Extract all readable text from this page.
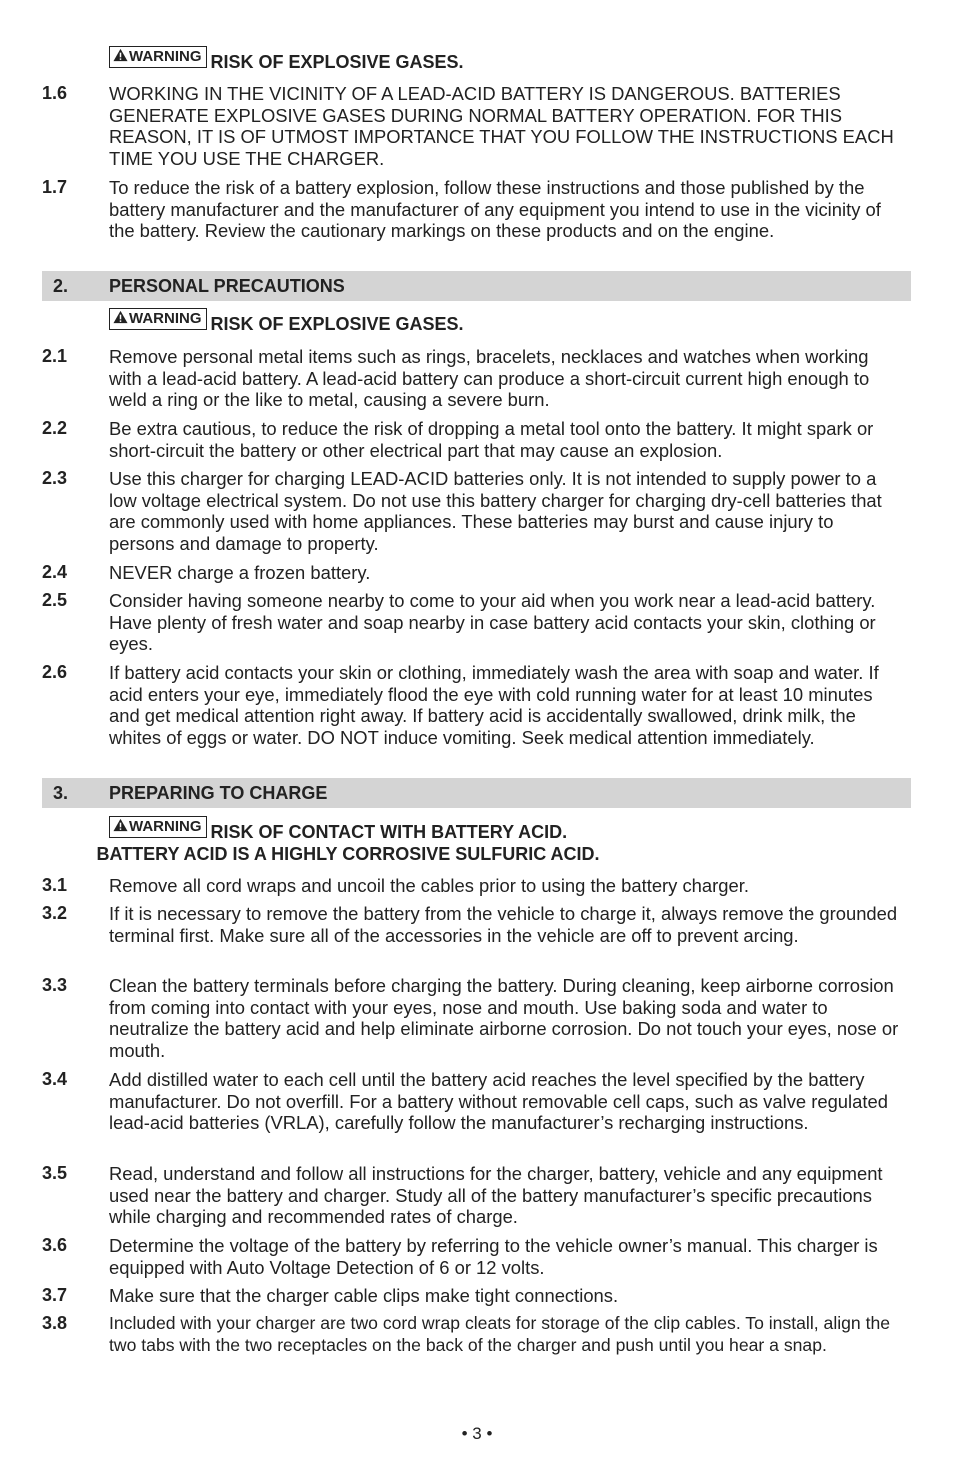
WARNING RISK OF EXPLOSIVE GASES.
1.6 WORKING IN THE VICINITY OF A LEAD-ACID BATTERY IS DANGEROUS. BATTERIES GENERATE EXPLOSIVE GASES DURING NORMAL BATTERY OPERATION. FOR THIS REASON, IT IS OF UTMOST IMPORTANCE THAT YOU FOLLOW THE INSTRUCTIONS EACH TIME YOU USE THE CHARGER.
1.7 To reduce the risk of a battery explosion, follow these instructions and those published by the battery manufacturer and the manufacturer of any equipment you intend to use in the vicinity of the battery. Review the cautionary markings on these products and on the engine.
2. PERSONAL PRECAUTIONS
WARNING RISK OF EXPLOSIVE GASES.
2.1 Remove personal metal items such as rings, bracelets, necklaces and watches when working with a lead-acid battery. A lead-acid battery can produce a short-circuit current high enough to weld a ring or the like to metal, causing a severe burn.
2.2 Be extra cautious, to reduce the risk of dropping a metal tool onto the battery. It might spark or short-circuit the battery or other electrical part that may cause an explosion.
2.3 Use this charger for charging LEAD-ACID batteries only. It is not intended to supply power to a low voltage electrical system. Do not use this battery charger for charging dry-cell batteries that are commonly used with home appliances. These batteries may burst and cause injury to persons and damage to property.
2.4 NEVER charge a frozen battery.
2.5 Consider having someone nearby to come to your aid when you work near a lead-acid battery. Have plenty of fresh water and soap nearby in case battery acid contacts your skin, clothing or eyes.
2.6 If battery acid contacts your skin or clothing, immediately wash the area with soap and water. If acid enters your eye, immediately flood the eye with cold running water for at least 10 minutes and get medical attention right away. If battery acid is accidentally swallowed, drink milk, the whites of eggs or water. DO NOT induce vomiting. Seek medical attention immediately.
3. PREPARING TO CHARGE
WARNING RISK OF CONTACT WITH BATTERY ACID.
BATTERY ACID IS A HIGHLY CORROSIVE SULFURIC ACID.
3.1 Remove all cord wraps and uncoil the cables prior to using the battery charger.
3.2 If it is necessary to remove the battery from the vehicle to charge it, always remove the grounded terminal first. Make sure all of the accessories in the vehicle are off to prevent arcing.
3.3 Clean the battery terminals before charging the battery. During cleaning, keep airborne corrosion from coming into contact with your eyes, nose and mouth. Use baking soda and water to neutralize the battery acid and help eliminate airborne corrosion. Do not touch your eyes, nose or mouth.
3.4 Add distilled water to each cell until the battery acid reaches the level specified by the battery manufacturer. Do not overfill. For a battery without removable cell caps, such as valve regulated lead-acid batteries (VRLA), carefully follow the manufacturer’s recharging instructions.
3.5 Read, understand and follow all instructions for the charger, battery, vehicle and any equipment used near the battery and charger. Study all of the battery manufacturer’s specific precautions while charging and recommended rates of charge.
3.6 Determine the voltage of the battery by referring to the vehicle owner’s manual. This charger is equipped with Auto Voltage Detection of 6 or 12 volts.
3.7 Make sure that the charger cable clips make tight connections.
3.8 Included with your charger are two cord wrap cleats for storage of the clip cables. To install, align the two tabs with the two receptacles on the back of the charger and push until you hear a snap.
• 3 •
